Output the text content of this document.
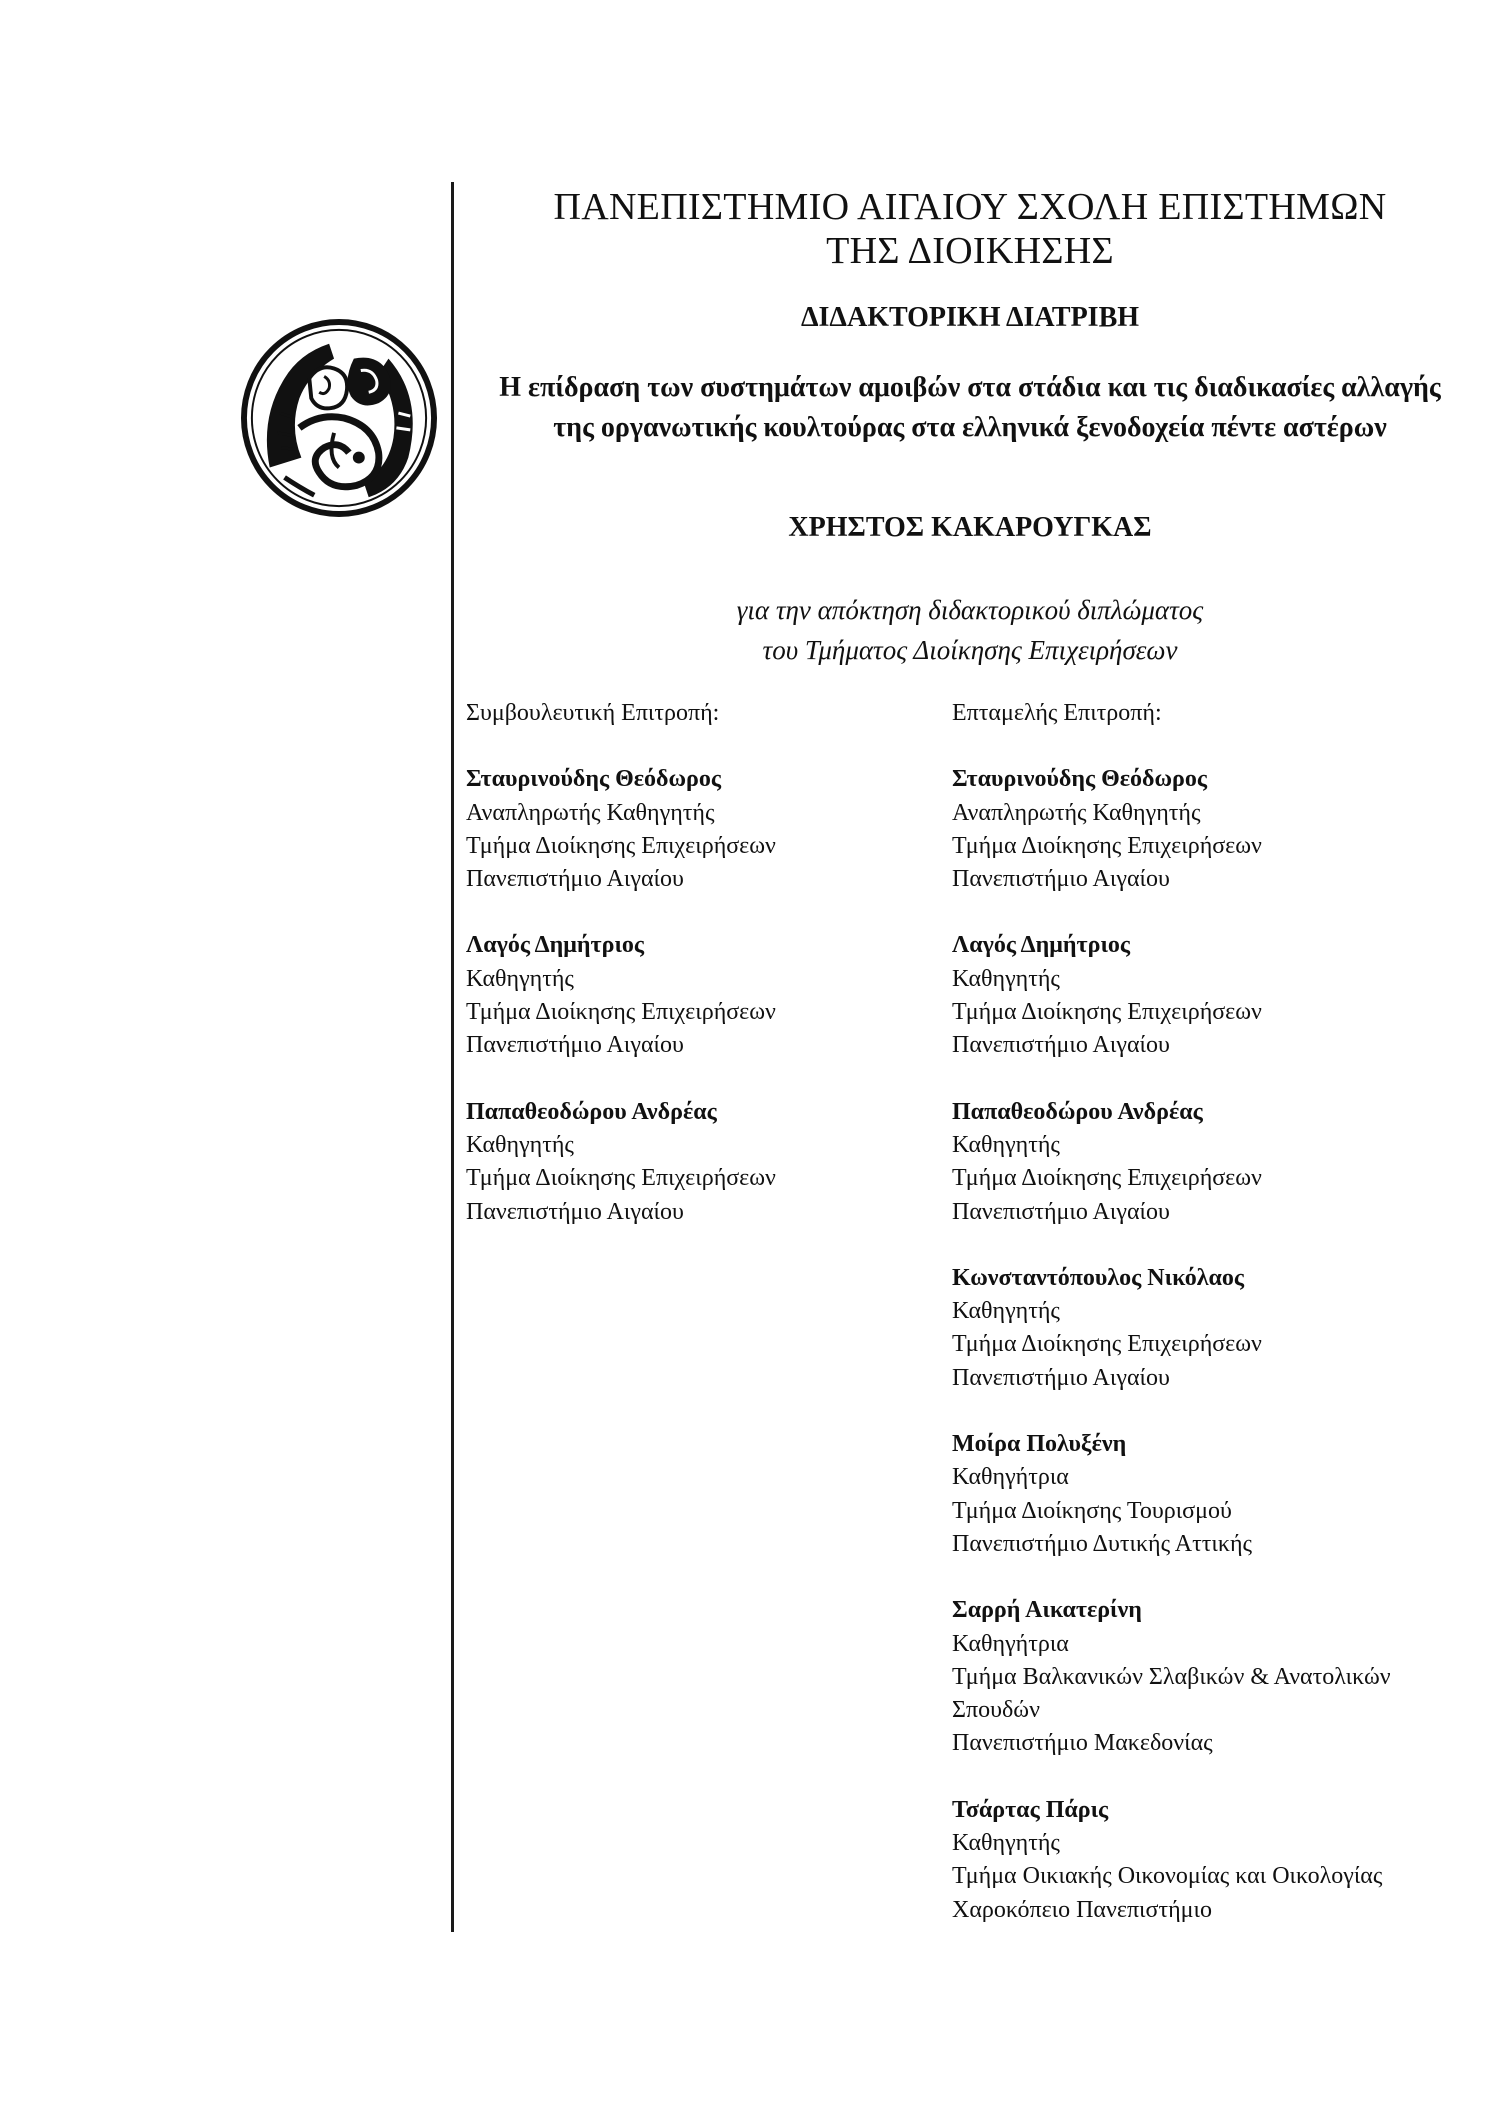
ΠΑΝΕΠΙΣΤΗΜΙΟ ΑΙΓΑΙΟΥ ΣΧΟΛΗ ΕΠΙΣΤΗΜΩΝ
ΤΗΣ ΔΙΟΙΚΗΣΗΣ
ΔΙΔΑΚΤΟΡΙΚΗ ΔΙΑΤΡΙΒΗ
Η επίδραση των συστημάτων αμοιβών στα στάδια και τις διαδικασίες αλλαγής της οργανωτικής κουλτούρας στα ελληνικά ξενοδοχεία πέντε αστέρων
ΧΡΗΣΤΟΣ ΚΑΚΑΡΟΥΓΚΑΣ
για την απόκτηση διδακτορικού διπλώματος
του Τμήματος Διοίκησης Επιχειρήσεων
Συμβουλευτική Επιτροπή:
Σταυρινούδης Θεόδωρος
Αναπληρωτής Καθηγητής
Τμήμα Διοίκησης Επιχειρήσεων
Πανεπιστήμιο Αιγαίου
Λαγός Δημήτριος
Καθηγητής
Τμήμα Διοίκησης Επιχειρήσεων
Πανεπιστήμιο Αιγαίου
Παπαθεοδώρου Ανδρέας
Καθηγητής
Τμήμα Διοίκησης Επιχειρήσεων
Πανεπιστήμιο Αιγαίου
Επταμελής Επιτροπή:
Σταυρινούδης Θεόδωρος
Αναπληρωτής Καθηγητής
Τμήμα Διοίκησης Επιχειρήσεων
Πανεπιστήμιο Αιγαίου
Λαγός Δημήτριος
Καθηγητής
Τμήμα Διοίκησης Επιχειρήσεων
Πανεπιστήμιο Αιγαίου
Παπαθεοδώρου Ανδρέας
Καθηγητής
Τμήμα Διοίκησης Επιχειρήσεων
Πανεπιστήμιο Αιγαίου
Κωνσταντόπουλος Νικόλαος
Καθηγητής
Τμήμα Διοίκησης Επιχειρήσεων
Πανεπιστήμιο Αιγαίου
Μοίρα Πολυξένη
Καθηγήτρια
Τμήμα Διοίκησης Τουρισμού
Πανεπιστήμιο Δυτικής Αττικής
Σαρρή Αικατερίνη
Καθηγήτρια
Τμήμα Βαλκανικών Σλαβικών & Ανατολικών
Σπουδών
Πανεπιστήμιο Μακεδονίας
Τσάρτας Πάρις
Καθηγητής
Τμήμα Οικιακής Οικονομίας και Οικολογίας
Χαροκόπειο Πανεπιστήμιο
